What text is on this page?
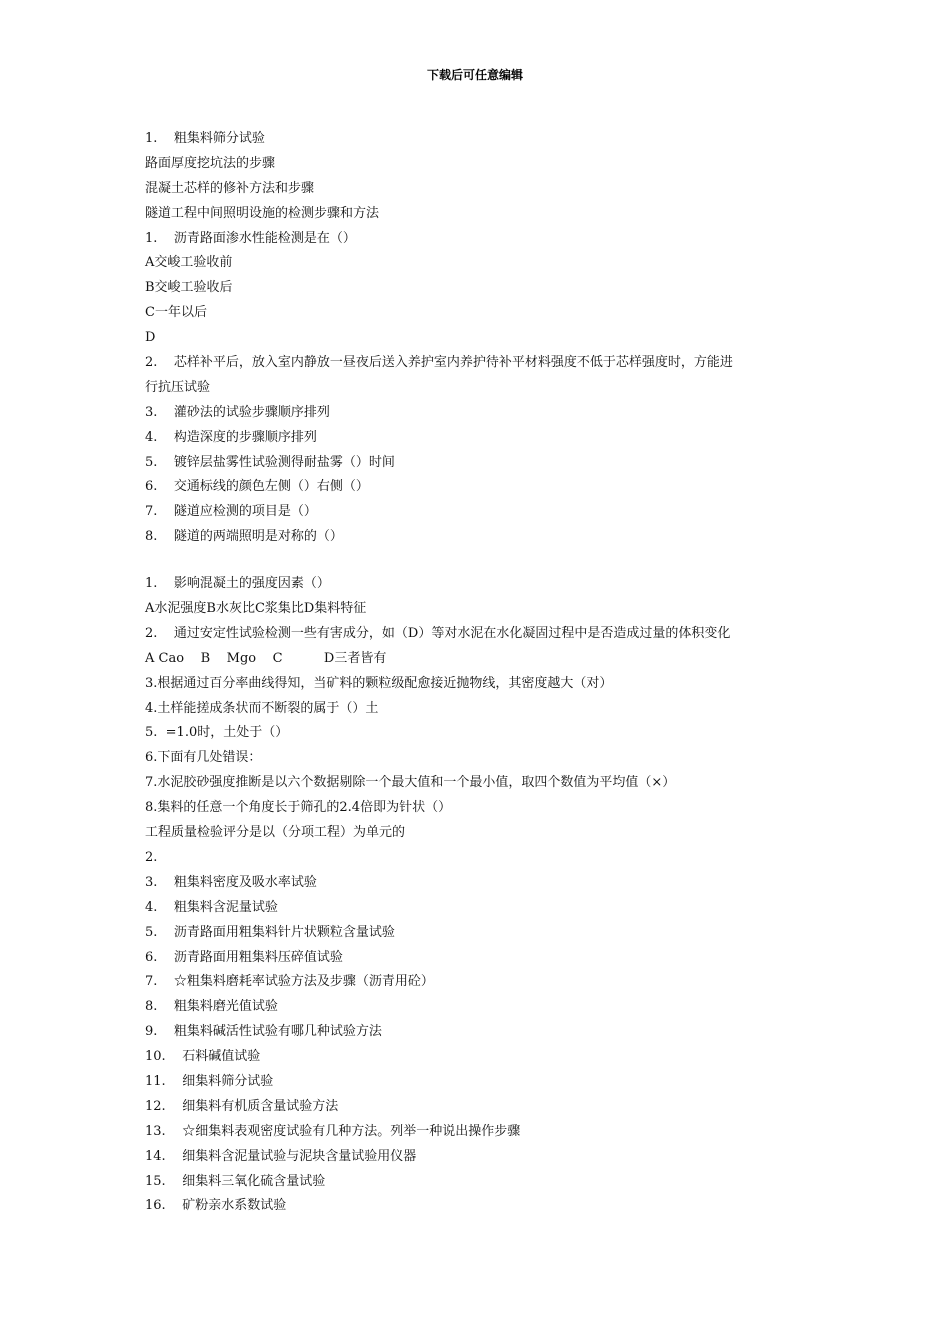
下载后可任意编辑
1.    粗集料筛分试验
路面厚度挖坑法的步骤
混凝土芯样的修补方法和步骤
隧道工程中间照明设施的检测步骤和方法
1.    沥青路面渗水性能检测是在（）
A交峻工验收前
B交峻工验收后
C一年以后
D
2.    芯样补平后，放入室内静放一昼夜后送入养护室内养护待补平材料强度不低于芯样强度时，方能进
行抗压试验
3.    灌砂法的试验步骤顺序排列
4.    构造深度的步骤顺序排列
5.    镀锌层盐雾性试验测得耐盐雾（）时间
6.    交通标线的颜色左侧（）右侧（）
7.    隧道应检测的项目是（）
8.    隧道的两端照明是对称的（）
1.    影响混凝土的强度因素（）
A水泥强度B水灰比C浆集比D集料特征
2.    通过安定性试验检测一些有害成分，如（D）等对水泥在水化凝固过程中是否造成过量的体积变化
A Cao    B    Mgo    C          D三者皆有
3.根据通过百分率曲线得知，当矿料的颗粒级配愈接近抛物线，其密度越大（对）
4.土样能搓成条状而不断裂的属于（）土
5.  =1.0时，土处于（）
6.下面有几处错误：
7.水泥胶砂强度推断是以六个数据剔除一个最大值和一个最小值，取四个数值为平均值（×）
8.集料的任意一个角度长于筛孔的2.4倍即为针状（）
工程质量检验评分是以（分项工程）为单元的
2.
3.    粗集料密度及吸水率试验
4.    粗集料含泥量试验
5.    沥青路面用粗集料针片状颗粒含量试验
6.    沥青路面用粗集料压碎值试验
7.    ☆粗集料磨耗率试验方法及步骤（沥青用砼）
8.    粗集料磨光值试验
9.    粗集料碱活性试验有哪几种试验方法
10.    石料碱值试验
11.    细集料筛分试验
12.    细集料有机质含量试验方法
13.    ☆细集料表观密度试验有几种方法。列举一种说出操作步骤
14.    细集料含泥量试验与泥块含量试验用仪器
15.    细集料三氧化硫含量试验
16.    矿粉亲水系数试验
